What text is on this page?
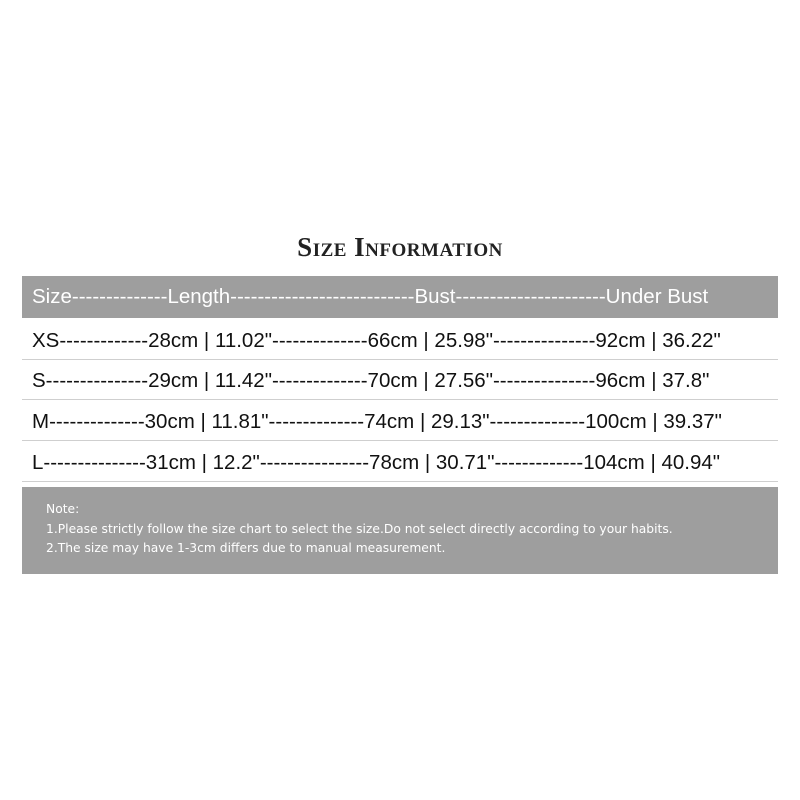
Size Information
Size--------------Length---------------------------Bust----------------------Under Bust
XS-------------28cm | 11.02"--------------66cm | 25.98"---------------92cm | 36.22"
S---------------29cm | 11.42"--------------70cm | 27.56"---------------96cm | 37.8"
M--------------30cm | 11.81"--------------74cm | 29.13"--------------100cm | 39.37"
L---------------31cm | 12.2"----------------78cm | 30.71"-------------104cm | 40.94"
Note:
1.Please strictly follow the size chart to select the size.Do not select directly according to your habits.
2.The size may have 1-3cm differs due to manual measurement.
